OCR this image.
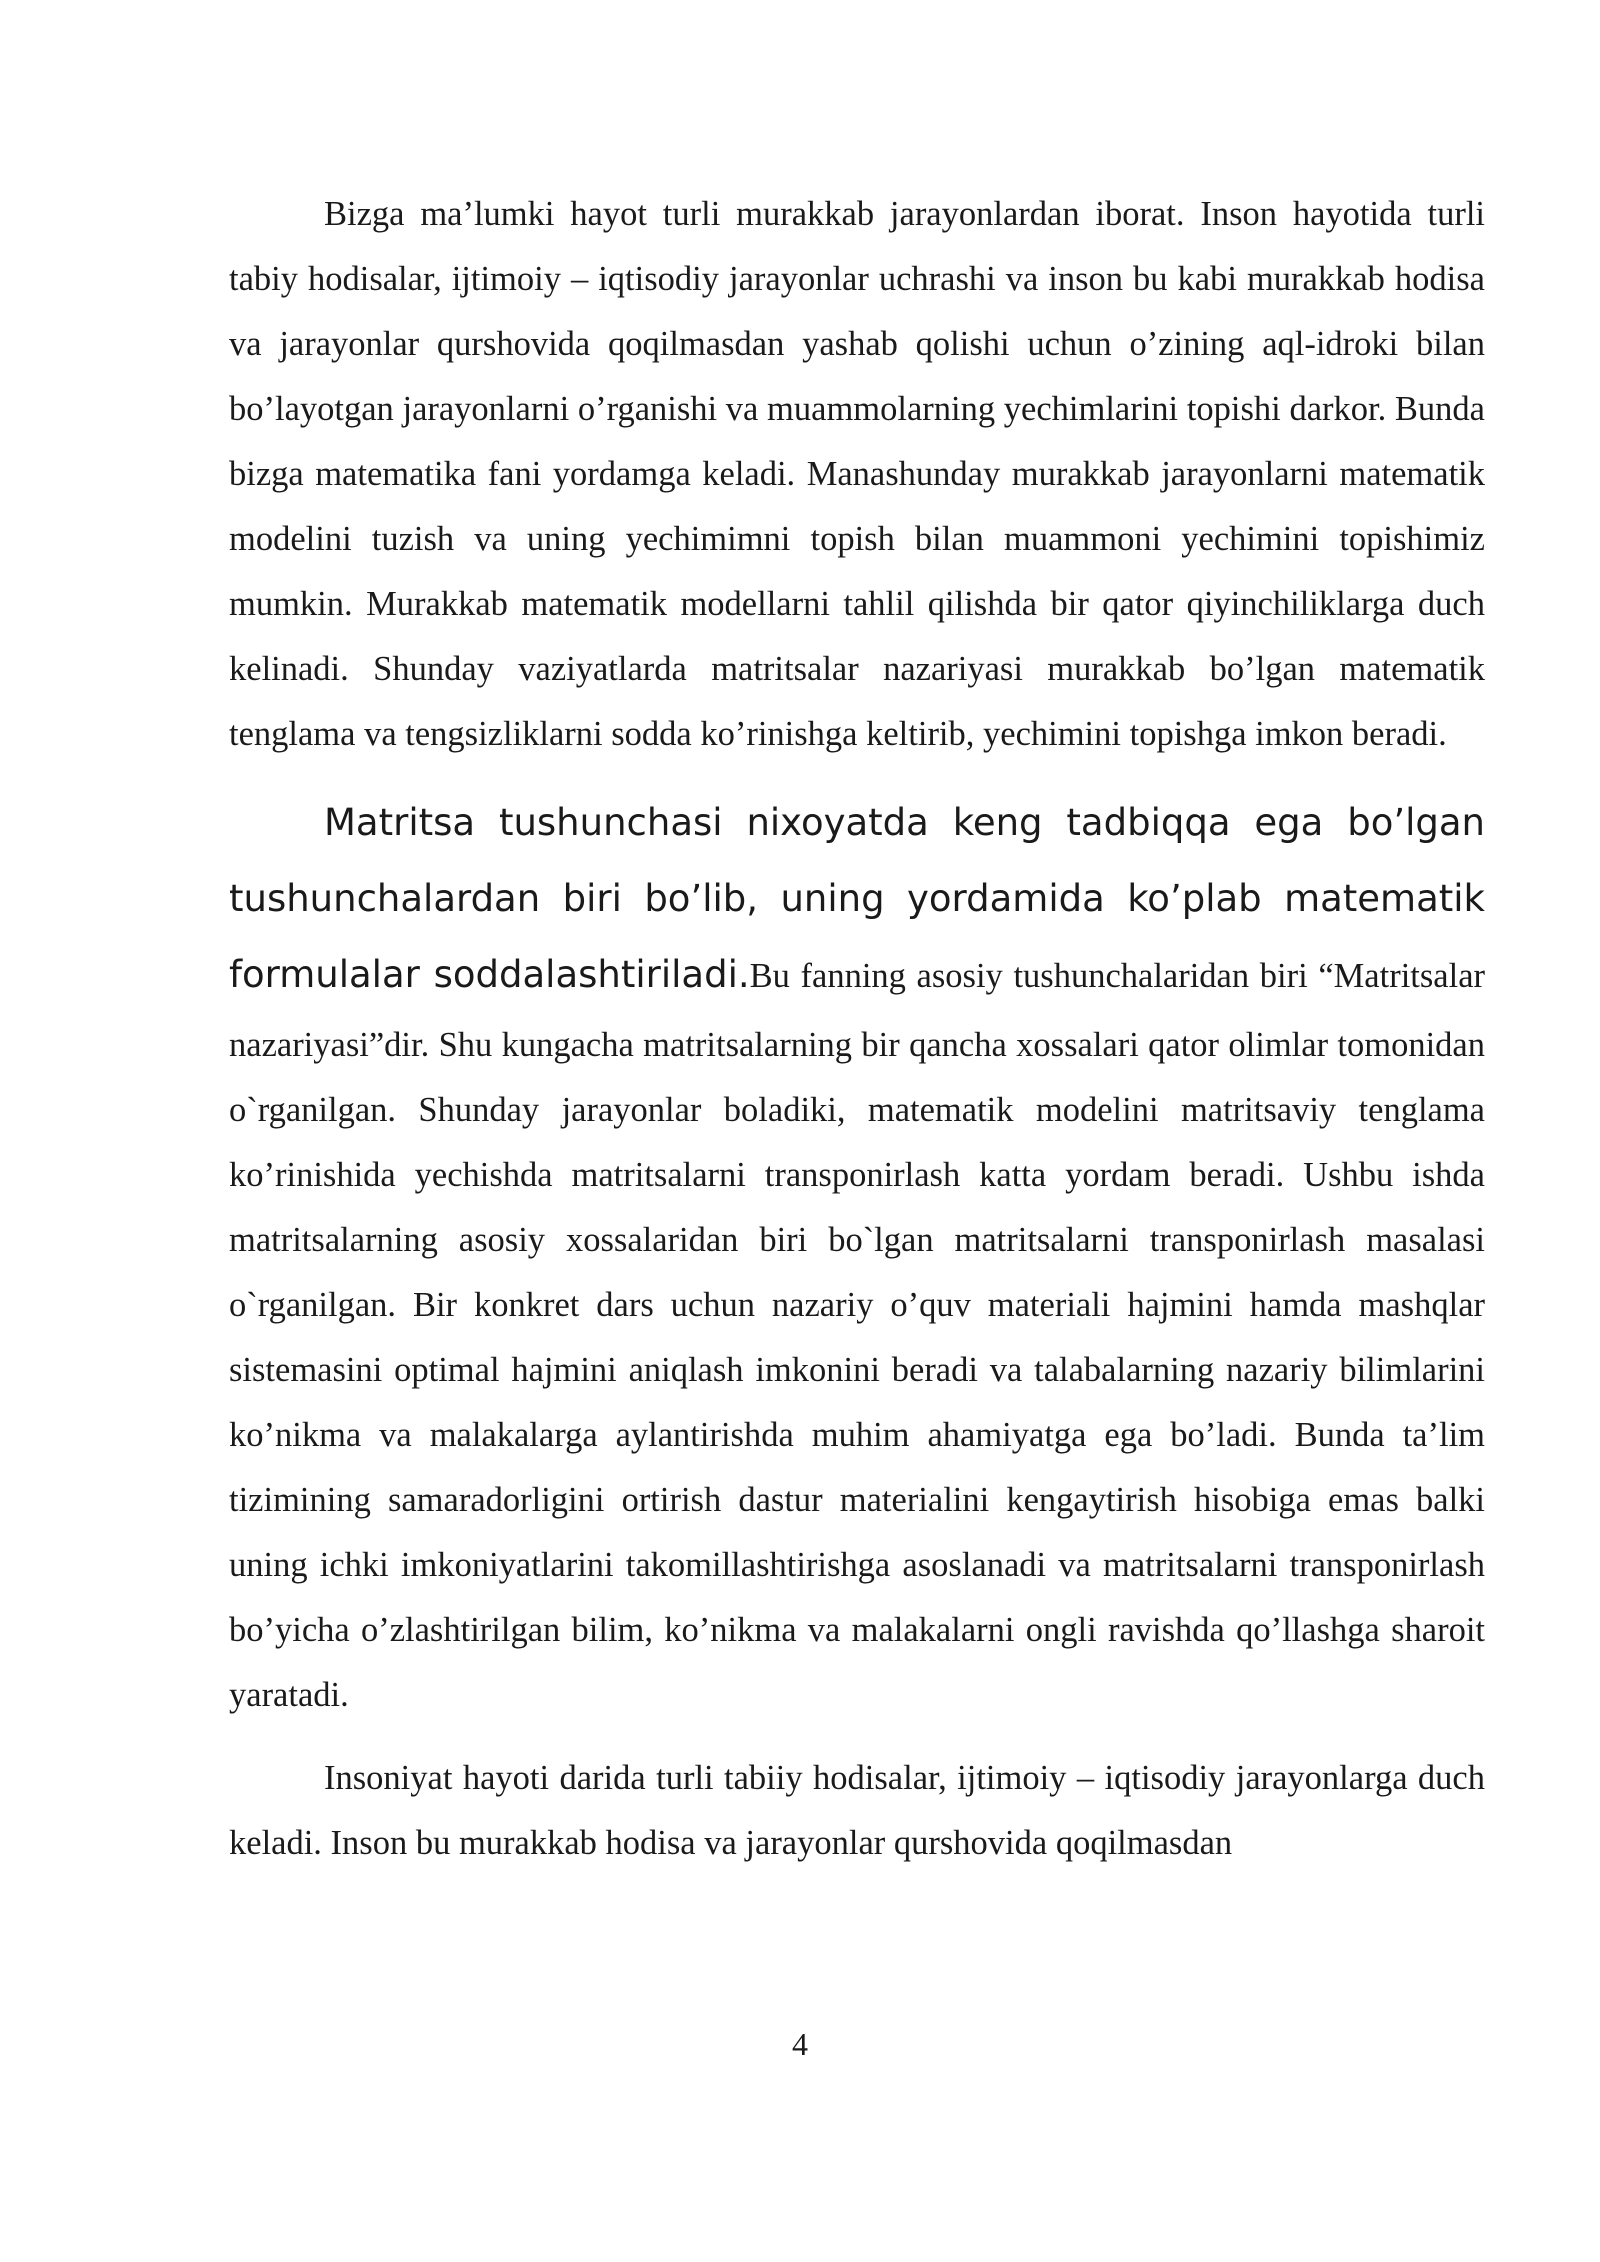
Bizga ma’lumki hayot turli murakkab jarayonlardan iborat. Inson hayotida turli tabiy hodisalar, ijtimoiy – iqtisodiy jarayonlar uchrashi va inson bu kabi murakkab hodisa va jarayonlar qurshovida qoqilmasdan yashab qolishi uchun o’zining aql-idroki bilan bo’layotgan jarayonlarni o’rganishi va muammolarning yechimlarini topishi darkor. Bunda bizga matematika fani yordamga keladi. Manashunday murakkab jarayonlarni matematik modelini tuzish va uning yechimimni topish bilan muammoni yechimini topishimiz mumkin. Murakkab matematik modellarni tahlil qilishda bir qator qiyinchiliklarga duch kelinadi. Shunday vaziyatlarda matritsalar nazariyasi murakkab bo’lgan matematik tenglama va tengsizliklarni sodda ko’rinishga keltirib, yechimini topishga imkon beradi.

Matritsa tushunchasi nixoyatda keng tadbiqqa ega bo’lgan tushunchalardan biri bo’lib, uning yordamida ko’plab matematik formulalar soddalashtiriladi.Bu fanning asosiy tushunchalaridan biri “Matritsalar nazariyasi”dir. Shu kungacha matritsalarning bir qancha xossalari qator olimlar tomonidan o`rganilgan. Shunday jarayonlar boladiki, matematik modelini matritsaviy tenglama ko’rinishida yechishda matritsalarni transponirlash katta yordam beradi. Ushbu ishda matritsalarning asosiy xossalaridan biri bo`lgan matritsalarni transponirlash masalasi o`rganilgan. Bir konkret dars uchun nazariy o’quv materiali hajmini hamda mashqlar sistemasini optimal hajmini aniqlash imkonini beradi va talabalarning nazariy bilimlarini ko’nikma va malakalarga aylantirishda muhim ahamiyatga ega bo’ladi. Bunda ta’lim tizimining samaradorligini ortirish dastur materialini kengaytirish hisobiga emas balki uning ichki imkoniyatlarini takomillashtirishga asoslanadi va matritsalarni transponirlash bo’yicha o’zlashtirilgan bilim, ko’nikma va malakalarni ongli ravishda qo’llashga sharoit yaratadi.

Insoniyat hayoti darida turli tabiiy hodisalar, ijtimoiy – iqtisodiy jarayonlarga duch keladi. Inson bu murakkab hodisa va jarayonlar qurshovida qoqilmasdan

4
